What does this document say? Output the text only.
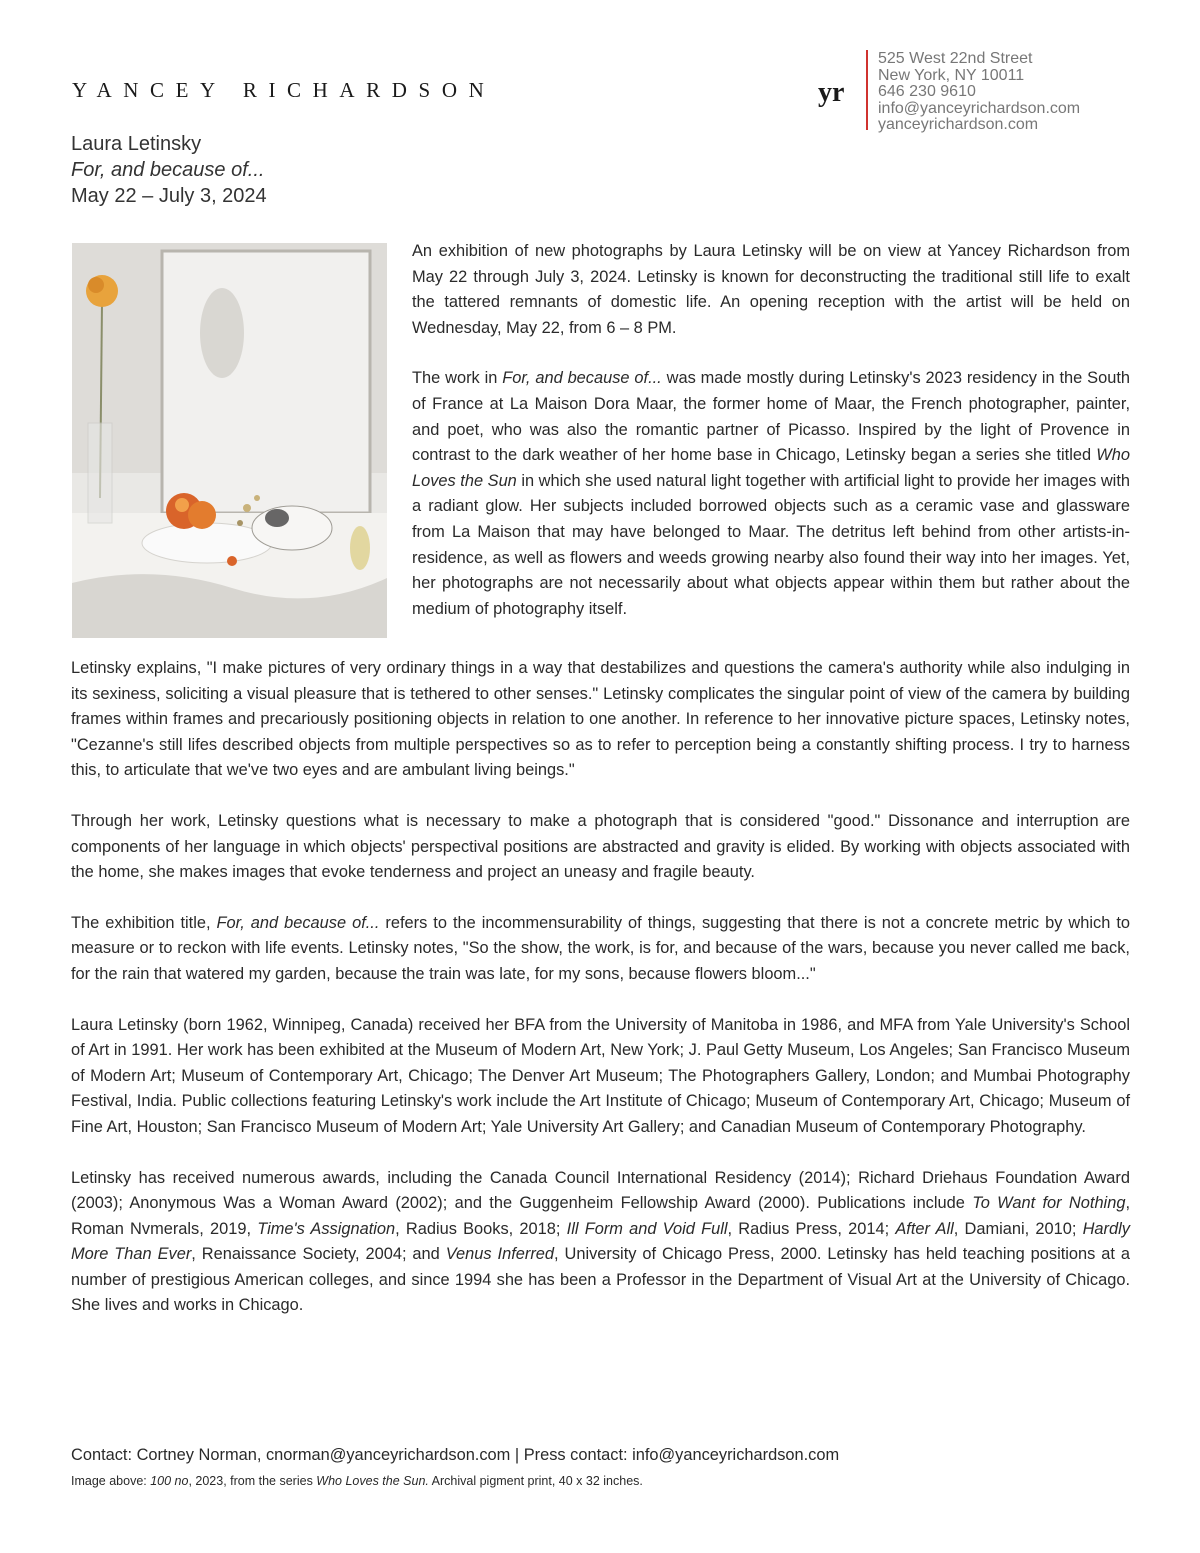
YANCEY RICHARDSON	yr
525 West 22nd Street
New York, NY 10011
646 230 9610
info@yanceyrichardson.com
yanceyrichardson.com
Laura Letinsky
For, and because of...
May 22 – July 3, 2024

An exhibition of new photographs by Laura Letinsky will be on view at Yancey Richardson from May 22 through July 3, 2024. Letinsky is known for deconstructing the traditional still life to exalt the tattered remnants of domestic life. An opening reception with the artist will be held on Wednesday, May 22, from 6 – 8 PM.

The work in For, and because of... was made mostly during Letinsky's 2023 residency in the South of France at La Maison Dora Maar, the former home of Maar, the French photographer, painter, and poet, who was also the romantic partner of Picasso. Inspired by the light of Provence in contrast to the dark weather of her home base in Chicago, Letinsky began a series she titled Who Loves the Sun in which she used natural light together with artificial light to provide her images with a radiant glow. Her subjects included borrowed objects such as a ceramic vase and glassware from La Maison that may have belonged to Maar. The detritus left behind from other artists-in-residence, as well as flowers and weeds growing nearby also found their way into her images. Yet, her photographs are not necessarily about what objects appear within them but rather about the medium of photography itself.

Letinsky explains, "I make pictures of very ordinary things in a way that destabilizes and questions the camera's authority while also indulging in its sexiness, soliciting a visual pleasure that is tethered to other senses." Letinsky complicates the singular point of view of the camera by building frames within frames and precariously positioning objects in relation to one another. In reference to her innovative picture spaces, Letinsky notes, "Cezanne's still lifes described objects from multiple perspectives so as to refer to perception being a constantly shifting process. I try to harness this, to articulate that we've two eyes and are ambulant living beings."

Through her work, Letinsky questions what is necessary to make a photograph that is considered "good." Dissonance and interruption are components of her language in which objects' perspectival positions are abstracted and gravity is elided. By working with objects associated with the home, she makes images that evoke tenderness and project an uneasy and fragile beauty.

The exhibition title, For, and because of... refers to the incommensurability of things, suggesting that there is not a concrete metric by which to measure or to reckon with life events. Letinsky notes, "So the show, the work, is for, and because of the wars, because you never called me back, for the rain that watered my garden, because the train was late, for my sons, because flowers bloom..."

Laura Letinsky (born 1962, Winnipeg, Canada) received her BFA from the University of Manitoba in 1986, and MFA from Yale University's School of Art in 1991. Her work has been exhibited at the Museum of Modern Art, New York; J. Paul Getty Museum, Los Angeles; San Francisco Museum of Modern Art; Museum of Contemporary Art, Chicago; The Denver Art Museum; The Photographers Gallery, London; and Mumbai Photography Festival, India. Public collections featuring Letinsky's work include the Art Institute of Chicago; Museum of Contemporary Art, Chicago; Museum of Fine Art, Houston; San Francisco Museum of Modern Art; Yale University Art Gallery; and Canadian Museum of Contemporary Photography.

Letinsky has received numerous awards, including the Canada Council International Residency (2014); Richard Driehaus Foundation Award (2003); Anonymous Was a Woman Award (2002); and the Guggenheim Fellowship Award (2000). Publications include To Want for Nothing, Roman Nvmerals, 2019, Time's Assignation, Radius Books, 2018; Ill Form and Void Full, Radius Press, 2014; After All, Damiani, 2010; Hardly More Than Ever, Renaissance Society, 2004; and Venus Inferred, University of Chicago Press, 2000. Letinsky has held teaching positions at a number of prestigious American colleges, and since 1994 she has been a Professor in the Department of Visual Art at the University of Chicago. She lives and works in Chicago.

Contact: Cortney Norman, cnorman@yanceyrichardson.com | Press contact: info@yanceyrichardson.com
Image above: 100 no, 2023, from the series Who Loves the Sun. Archival pigment print, 40 x 32 inches.
